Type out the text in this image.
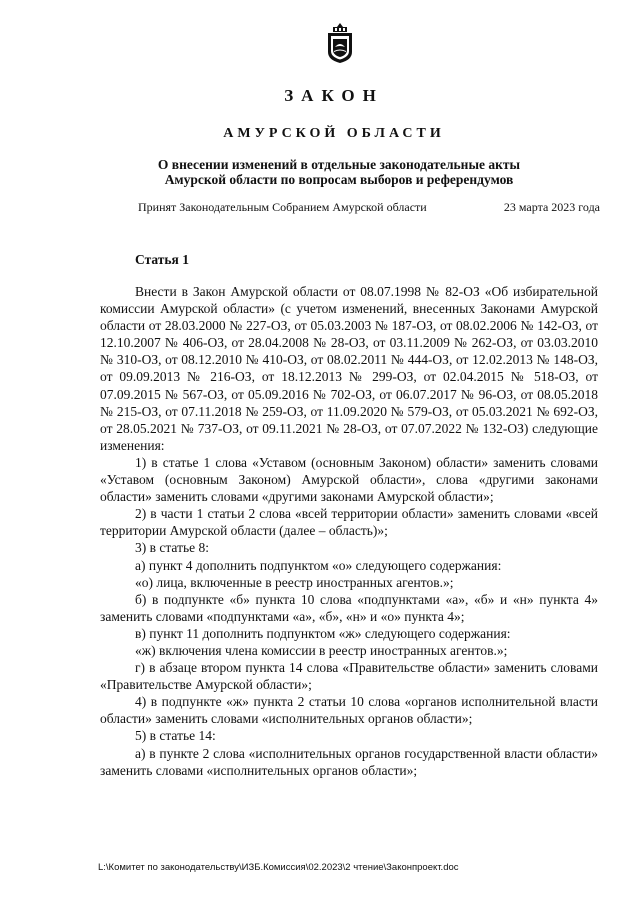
ЗАКОН
АМУРСКОЙ ОБЛАСТИ
О внесении изменений в отдельные законодательные акты
Амурской области по вопросам выборов и референдумов
Принят Законодательным Собранием Амурской области	23 марта 2023 года
Статья 1

Внести в Закон Амурской области от 08.07.1998 № 82-ОЗ «Об избирательной комиссии Амурской области» (с учетом изменений, внесенных Законами Амурской области от 28.03.2000 № 227-ОЗ, от 05.03.2003 № 187-ОЗ, от 08.02.2006 № 142-ОЗ, от 12.10.2007 № 406-ОЗ, от 28.04.2008 № 28-ОЗ, от 03.11.2009 № 262-ОЗ, от 03.03.2010 № 310-ОЗ, от 08.12.2010 № 410-ОЗ, от 08.02.2011 № 444-ОЗ, от 12.02.2013 № 148-ОЗ, от 09.09.2013 № 216-ОЗ, от 18.12.2013 № 299-ОЗ, от 02.04.2015 № 518-ОЗ, от 07.09.2015 № 567-ОЗ, от 05.09.2016 № 702-ОЗ, от 06.07.2017 № 96-ОЗ, от 08.05.2018 № 215-ОЗ, от 07.11.2018 № 259-ОЗ, от 11.09.2020 № 579-ОЗ, от 05.03.2021 № 692-ОЗ, от 28.05.2021 № 737-ОЗ, от 09.11.2021 № 28-ОЗ, от 07.07.2022 № 132-ОЗ) следующие изменения:

1) в статье 1 слова «Уставом (основным Законом) области» заменить словами «Уставом (основным Законом) Амурской области», слова «другими законами области» заменить словами «другими законами Амурской области»;

2) в части 1 статьи 2 слова «всей территории области» заменить словами «всей территории Амурской области (далее – область)»;

3) в статье 8:

а) пункт 4 дополнить подпунктом «о» следующего содержания:

«о) лица, включенные в реестр иностранных агентов.»;

б) в подпункте «б» пункта 10 слова «подпунктами «а», «б» и «н» пункта 4» заменить словами «подпунктами «а», «б», «н» и «о» пункта 4»;

в) пункт 11 дополнить подпунктом «ж» следующего содержания:

«ж) включения члена комиссии в реестр иностранных агентов.»;

г) в абзаце втором пункта 14 слова «Правительстве области» заменить словами «Правительстве Амурской области»;

4) в подпункте «ж» пункта 2 статьи 10 слова «органов исполнительной власти области» заменить словами «исполнительных органов области»;

5) в статье 14:

а) в пункте 2 слова «исполнительных органов государственной власти области» заменить словами «исполнительных органов области»;

L:\Комитет по законодательству\ИЗБ.Комиссия\02.2023\2 чтение\Законпроект.doc
